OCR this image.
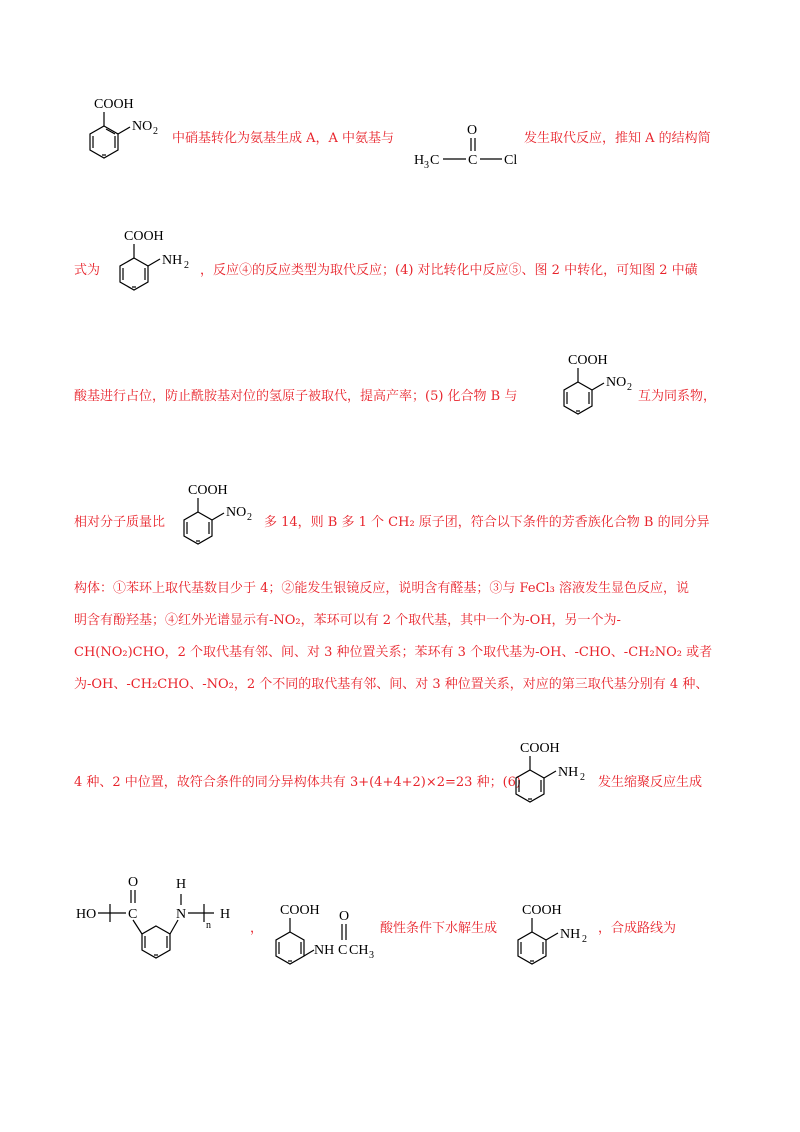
COOH
NO 2 中硝基转化为氨基生成 A，A 中氨基与
O
H 3 C C Cl
发生取代反应，推知 A 的结构简
式为
COOH
NH 2 ，反应④的反应类型为取代反应；(4) 对比转化中反应⑤、图 2 中转化，可知图 2 中磺
酸基进行占位，防止酰胺基对位的氢原子被取代，提高产率；(5) 化合物 B 与
COOH
NO 2
互为同系物，
相对分子质量比
COOH
NO 2 多 14，则 B 多 1 个 CH₂ 原子团，符合以下条件的芳香族化合物 B 的同分异
构体：①苯环上取代基数目少于 4；②能发生银镜反应，说明含有醛基；③与 FeCl₃ 溶液发生显色反应，说
明含有酚羟基；④红外光谱显示有-NO₂，苯环可以有 2 个取代基，其中一个为-OH，另一个为-
CH(NO₂)CHO，2 个取代基有邻、间、对 3 种位置关系；苯环有 3 个取代基为-OH、-CHO、-CH₂NO₂ 或者
为-OH、-CH₂CHO、-NO₂，2 个不同的取代基有邻、间、对 3 种位置关系，对应的第三取代基分别有 4 种、
4 种、2 中位置，故符合条件的同分异构体共有 3+(4+4+2)×2=23 种；(6)
COOH
NH 2 发生缩聚反应生成
O
HO C	N
H
n
H
，
COOH
NH C
O
CH 3
酸性条件下水解生成
COOH
NH 2
，合成路线为
